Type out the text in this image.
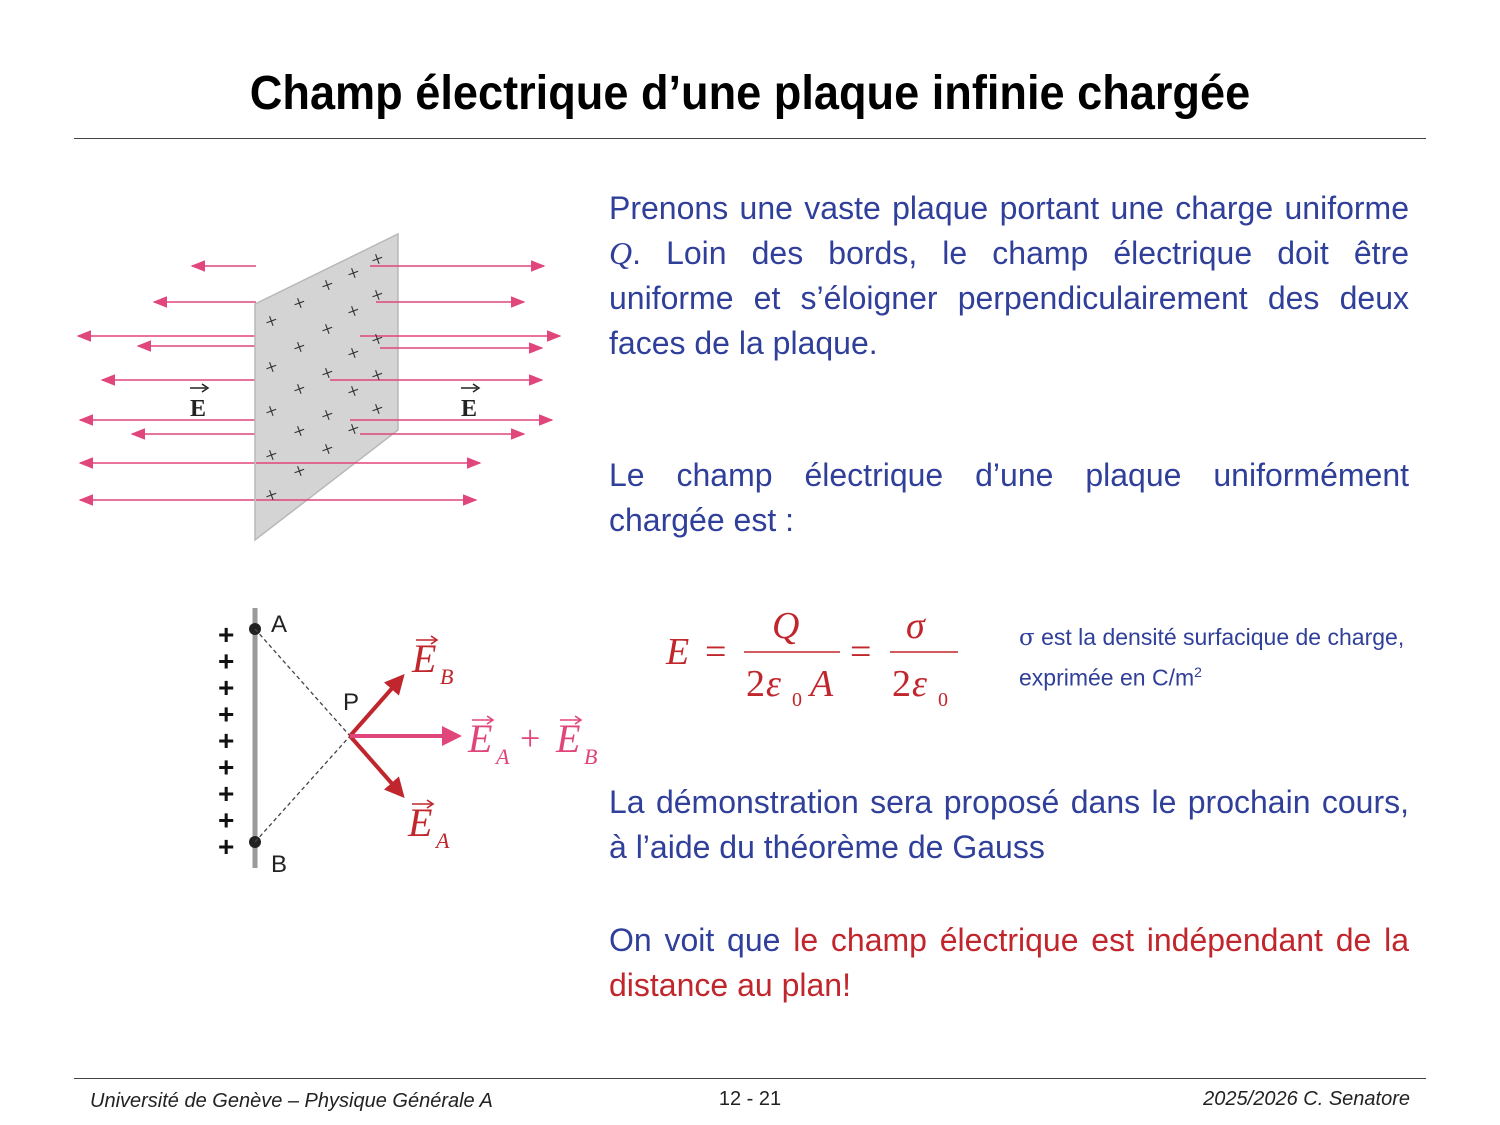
Champ électrique d’une plaque infinie chargée
+
+
+
+
+
+
+
+
+
+
+
+
+
+
+
+
+
+
+
+
+
+
+
+
+
E	E
+
+
+
+
+
+
+
+
+
A
B
P
E B
E A
E A + E B
Prenons une vaste plaque portant une charge uniforme Q. Loin des bords, le champ électrique doit être uniforme et s’éloigner perpendiculairement des deux faces de la plaque.
Le champ électrique d’une plaque uniformément chargée est :
E =
Q
2 ε 0 A
=
σ
2 ε 0
σ est la densité surfacique de charge,
exprimée en $C/m^2$
La démonstration sera proposé dans le prochain cours, à l’aide du théorème de Gauss
On voit que le champ électrique est indépendant de la distance au plan!
Université de Genève – Physique Générale A	12 - 21	2025/2026 C. Senatore
